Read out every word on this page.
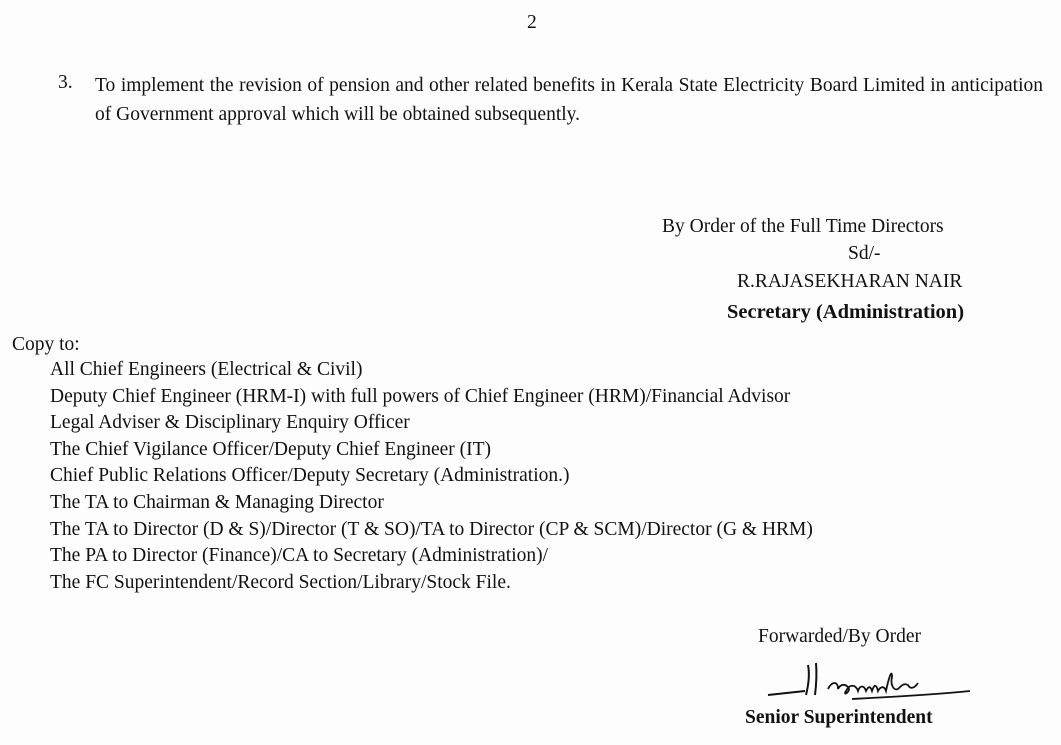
2
3. To implement the revision of pension and other related benefits in Kerala State Electricity Board Limited in anticipation of Government approval which will be obtained subsequently.
By Order of the Full Time Directors
Sd/-
R.RAJASEKHARAN NAIR
Secretary (Administration)
Copy to:
All Chief Engineers (Electrical & Civil)
Deputy Chief Engineer (HRM-I) with full powers of Chief Engineer (HRM)/Financial Advisor
Legal Adviser & Disciplinary Enquiry Officer
The Chief Vigilance Officer/Deputy Chief Engineer (IT)
Chief Public Relations Officer/Deputy Secretary (Administration.)
The TA to Chairman & Managing Director
The TA to Director (D & S)/Director (T & SO)/TA to Director (CP & SCM)/Director (G & HRM)
The PA to Director (Finance)/CA to Secretary (Administration)/
The FC Superintendent/Record Section/Library/Stock File.
Forwarded/By Order
Senior Superintendent
